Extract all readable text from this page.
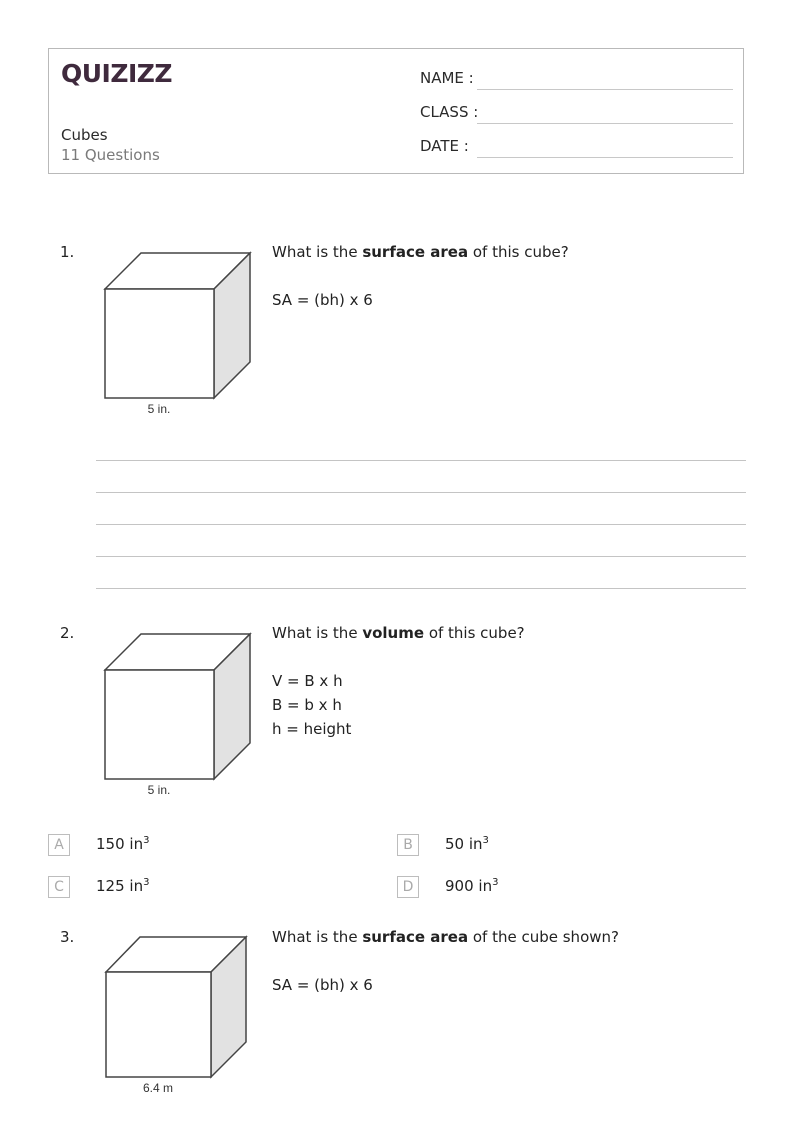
QUIZIZZ
Cubes
11 Questions
NAME :
CLASS :
DATE :
1.
5 in.
What is the surface area of this cube?
SA = (bh) x 6
2.
5 in.
What is the volume of this cube?
V = B x h
B = b x h
h = height
A	150 $in^3$	B	50 $in^3$
C	125 $in^3$	D	900 $in^3$
3.
6.4 m
What is the surface area of the cube shown?
SA = (bh) x 6
